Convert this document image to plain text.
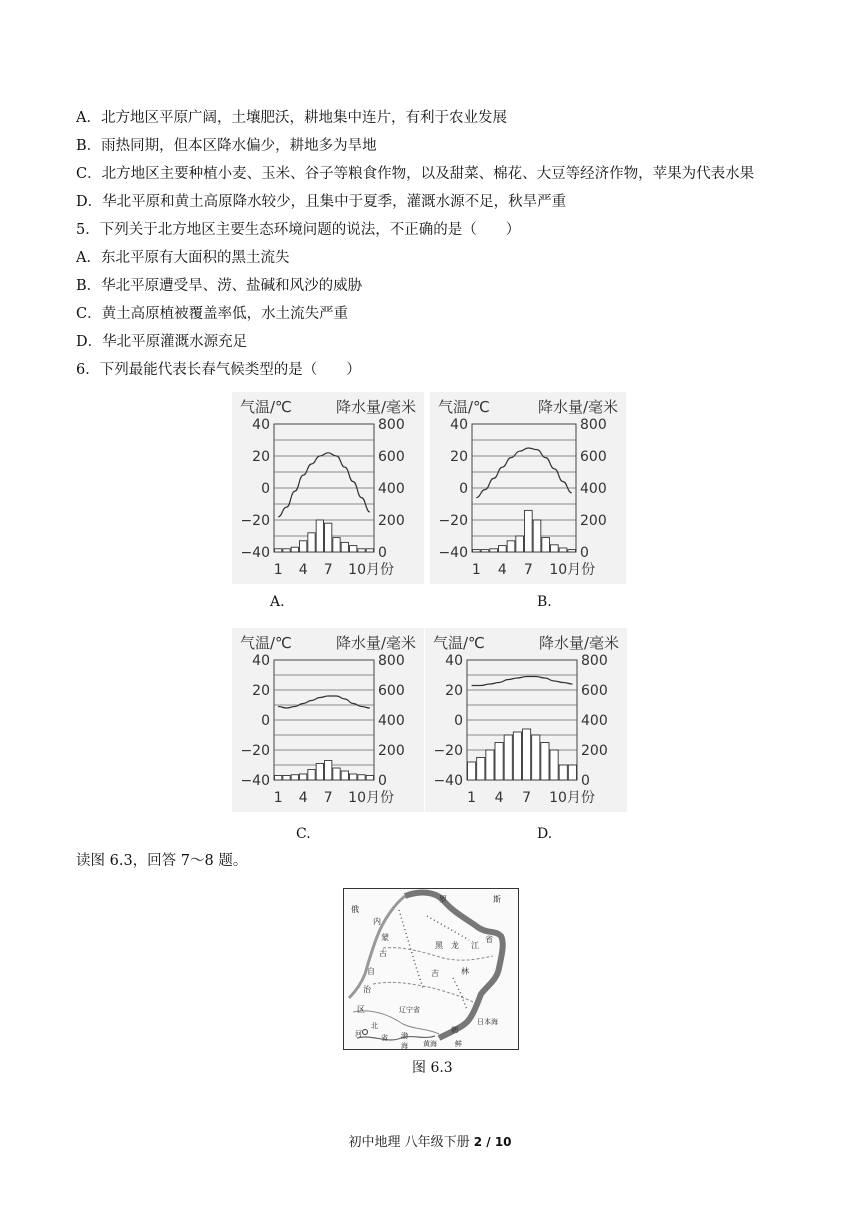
A．北方地区平原广阔，土壤肥沃，耕地集中连片，有利于农业发展
B．雨热同期，但本区降水偏少，耕地多为旱地
C．北方地区主要种植小麦、玉米、谷子等粮食作物，以及甜菜、棉花、大豆等经济作物，苹果为代表水果
D．华北平原和黄土高原降水较少，且集中于夏季，灌溉水源不足，秋旱严重
5．下列关于北方地区主要生态环境问题的说法，不正确的是（　　）
A．东北平原有大面积的黑土流失
B．华北平原遭受旱、涝、盐碱和风沙的威胁
C．黄土高原植被覆盖率低，水土流失严重
D．华北平原灌溉水源充足
6．下列最能代表长春气候类型的是（　　）
气温/℃	降水量/毫米
40
20
0
−20
−40
800
600
400
200
0
1 4 7 10月份
气温/℃	降水量/毫米
40
20
0
−20
−40
800
600
400
200
0
1 4 7 10月份
气温/℃	降水量/毫米
40
20
0
−20
−40
800
600
400
200
0
1 4 7 10月份
气温/℃	降水量/毫米
40
20
0
−20
−40
800
600
400
200
0
1 4 7 10月份
A.	B.
C.	D.
读图 6.3，回答 7～8 题。
俄
罗	斯
内
蒙
古
自
治
区
黑 龙 江
省
吉	林
辽宁省
北
省
河	渤
海 黄海
朝
鲜
日本海
图 6.3
初中地理 八年级下册 2 / 10
